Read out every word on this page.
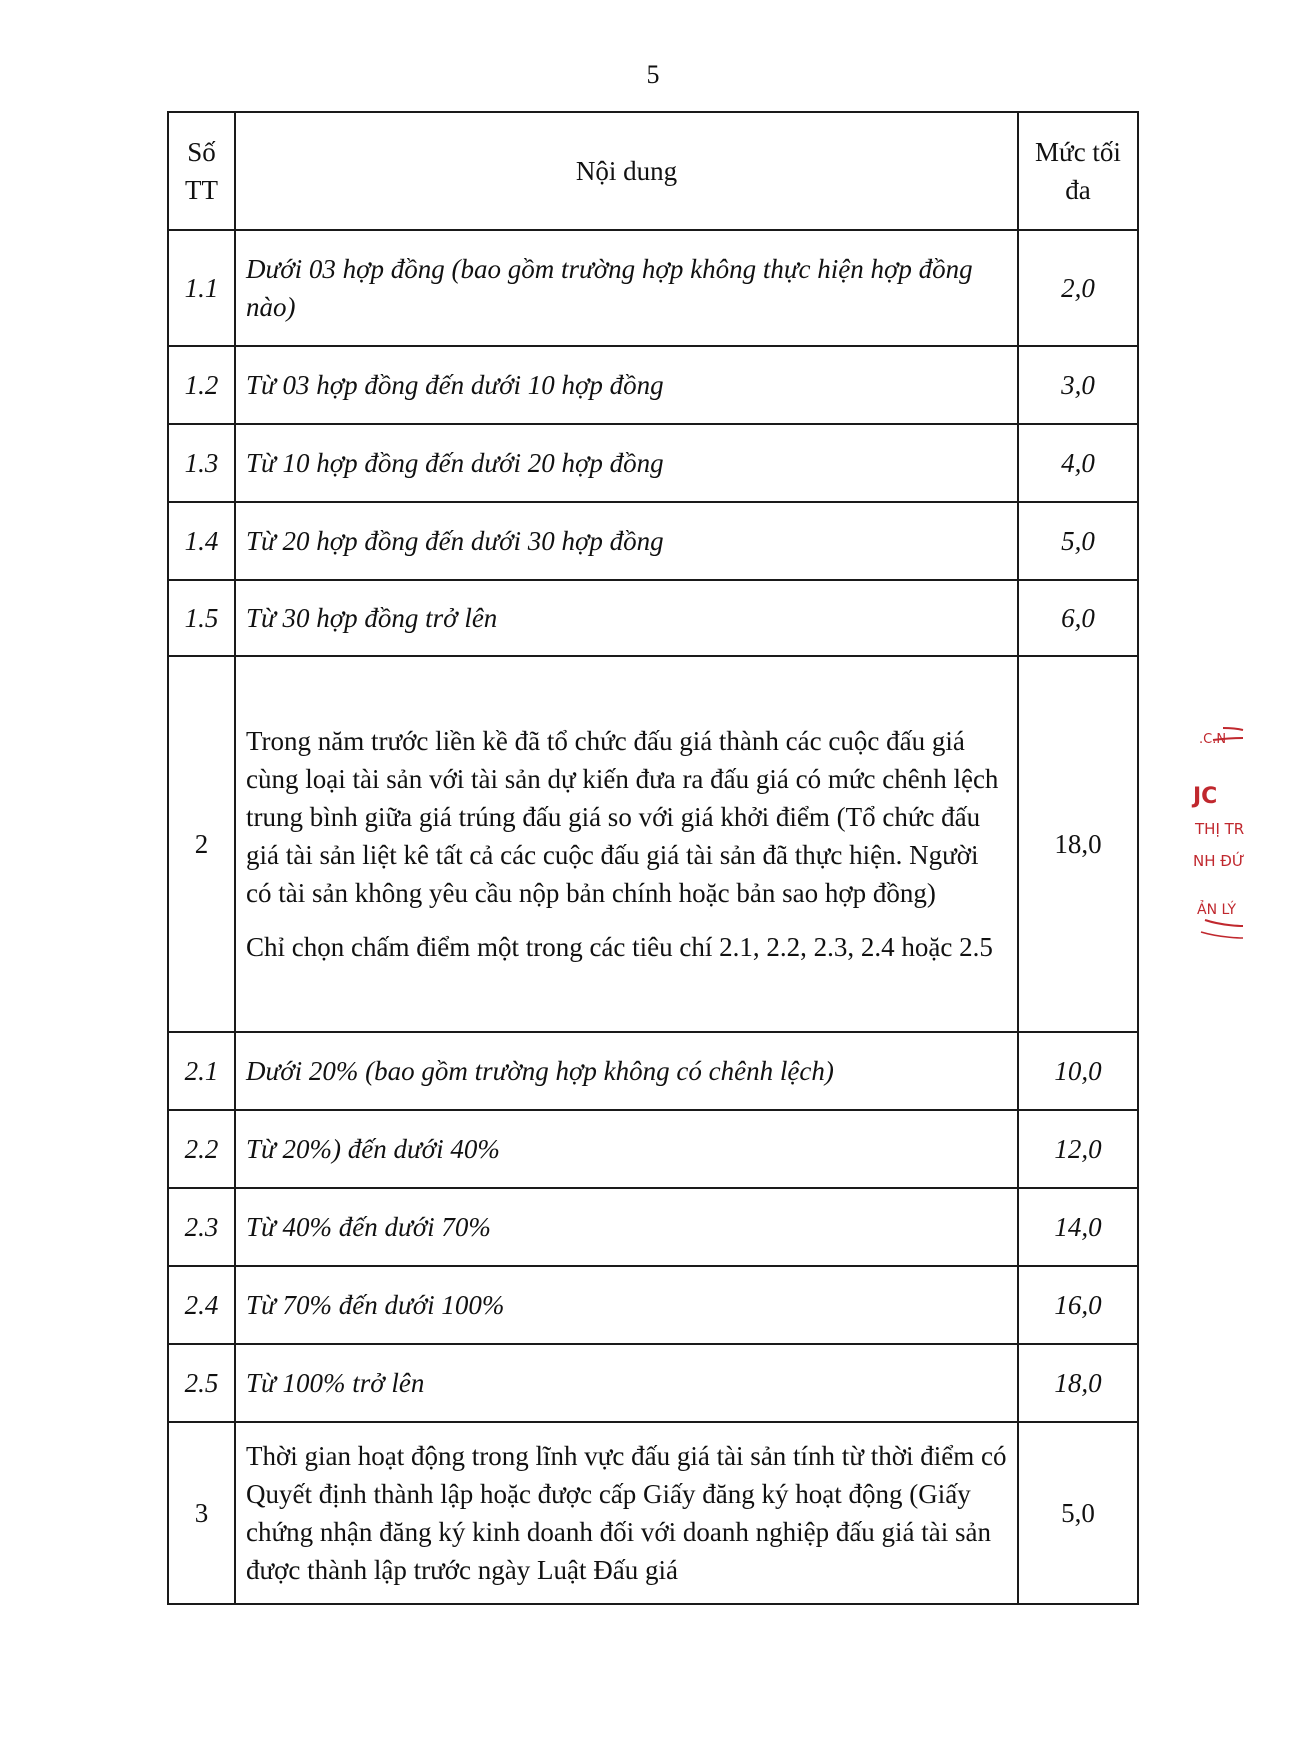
5
Số TT	Nội dung	Mức tối đa
1.1	Dưới 03 hợp đồng (bao gồm trường hợp không thực hiện hợp đồng nào)	2,0
1.2	Từ 03 hợp đồng đến dưới 10 hợp đồng	3,0
1.3	Từ 10 hợp đồng đến dưới 20 hợp đồng	4,0
1.4	Từ 20 hợp đồng đến dưới 30 hợp đồng	5,0
1.5	Từ 30 hợp đồng trở lên	6,0
2	Trong năm trước liền kề đã tổ chức đấu giá thành các cuộc đấu giá cùng loại tài sản với tài sản dự kiến đưa ra đấu giá có mức chênh lệch trung bình giữa giá trúng đấu giá so với giá khởi điểm (Tổ chức đấu giá tài sản liệt kê tất cả các cuộc đấu giá tài sản đã thực hiện. Người có tài sản không yêu cầu nộp bản chính hoặc bản sao hợp đồng)

Chỉ chọn chấm điểm một trong các tiêu chí 2.1, 2.2, 2.3, 2.4 hoặc 2.5	18,0
2.1	Dưới 20% (bao gồm trường hợp không có chênh lệch)	10,0
2.2	Từ 20%) đến dưới 40%	12,0
2.3	Từ 40% đến dưới 70%	14,0
2.4	Từ 70% đến dưới 100%	16,0
2.5	Từ 100% trở lên	18,0
3	Thời gian hoạt động trong lĩnh vực đấu giá tài sản tính từ thời điểm có Quyết định thành lập hoặc được cấp Giấy đăng ký hoạt động (Giấy chứng nhận đăng ký kinh doanh đối với doanh nghiệp đấu giá tài sản được thành lập trước ngày Luật Đấu giá	5,0
.C.N
JC
THỊ TR
NH ĐỨ
ẢN LÝ
